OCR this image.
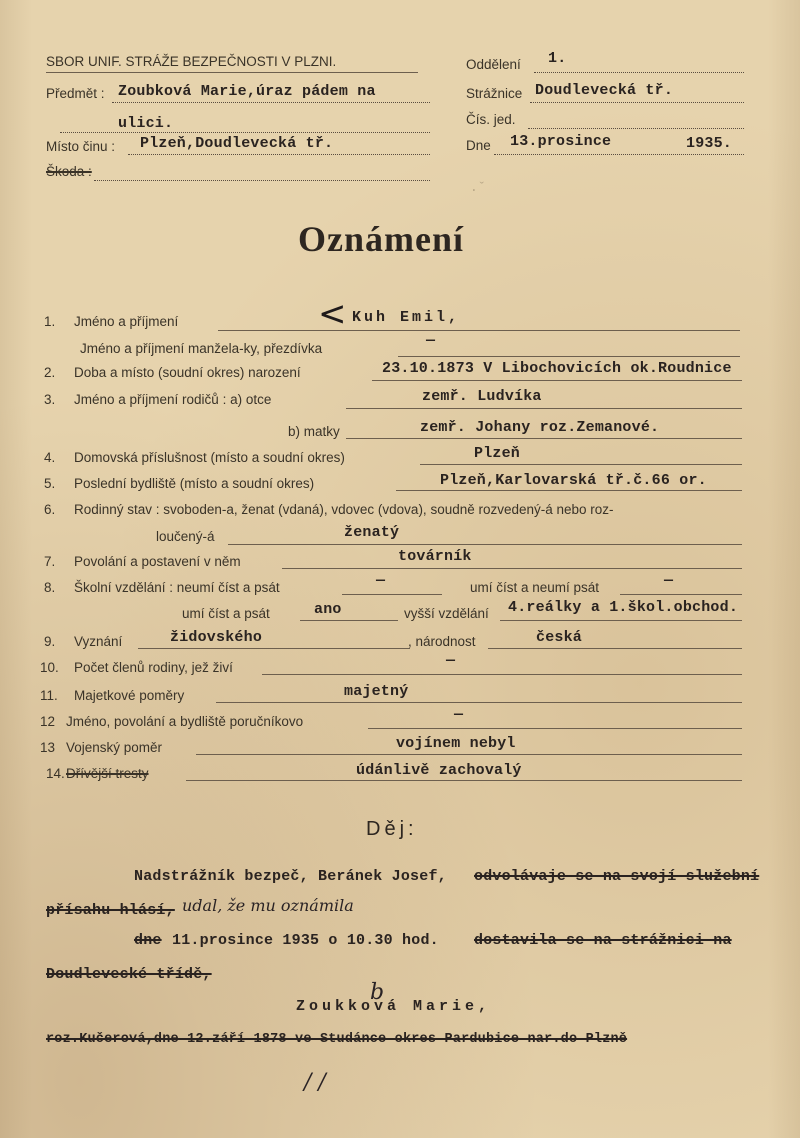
SBOR UNIF. STRÁŽE BEZPEČNOSTI V PLZNI.
Předmět : Zoubková Marie,úraz pádem na
ulici.
Místo činu : Plzeň,Doudlevecká tř.
Škoda :
Oddělení 1.
Strážnice Doudlevecká tř.
Čís. jed.
Dne 13.prosince	1935.
ˇ.
Oznámení
1. Jméno a příjmení	Kuh Emil,
<
Jméno a příjmení manžela-ky, přezdívka	—
2. Doba a místo (soudní okres) narození	23.10.1873 V Libochovicích ok.Roudnice
3. Jméno a příjmení rodičů : a) otce	zemř. Ludvíka
b) matky	zemř. Johany roz.Zemanové.
4. Domovská příslušnost (místo a soudní okres)	Plzeň
5. Poslední bydliště (místo a soudní okres)	Plzeň,Karlovarská tř.č.66 or.
6. Rodinný stav : svoboden-a, ženat (vdaná), vdovec (vdova), soudně rozvedený-á nebo roz-
loučený-á	ženatý
7. Povolání a postavení v něm	továrník
8. Školní vzdělání : neumí číst a psát	—	umí číst a neumí psát	—
umí číst a psát	ano	vyšší vzdělání 4.reálky a 1.škol.obchod.
9. Vyznání	židovského	, národnost	česká
10. Počet členů rodiny, jež živí	—
11. Majetkové poměry	majetný
12 Jméno, povolání a bydliště poručníkovo	—
13 Vojenský poměr	vojínem nebyl
14. Dřívější tresty	údánlivě zachovalý
Děj:
Nadstrážník bezpeč, Beránek Josef, odvolávaje se na svojí služební
přísahu hlásí, udal, že mu oznámila
dne 11.prosince 1935 o 10.30 hod. dostavila se na strážnici na
Doudlevecké třídě,
b
Zoukková Marie,
roz.Kučerová,dne 12.září 1878 ve Studánce okres Pardubice nar.do Plzně
/ /
